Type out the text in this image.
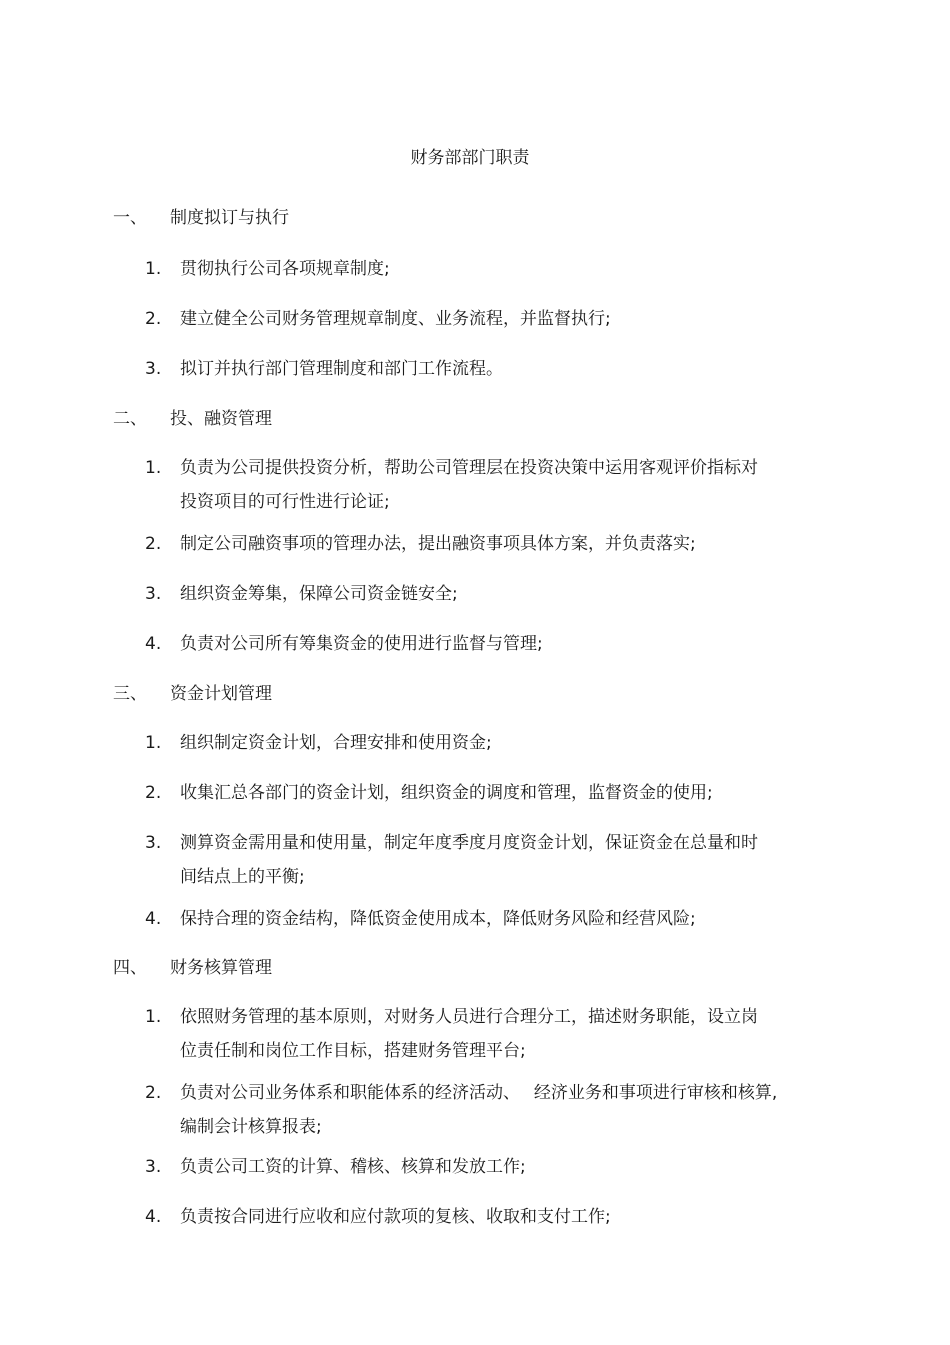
财务部部门职责
一、 制度拟订与执行
1.	贯彻执行公司各项规章制度;
2.	建立健全公司财务管理规章制度、业务流程，并监督执行;
3.	拟订并执行部门管理制度和部门工作流程。
二、 投、融资管理
1.	负责为公司提供投资分析，帮助公司管理层在投资决策中运用客观评价指标对
投资项目的可行性进行论证;
2.	制定公司融资事项的管理办法，提出融资事项具体方案，并负责落实;
3.	组织资金筹集，保障公司资金链安全;
4.	负责对公司所有筹集资金的使用进行监督与管理;
三、 资金计划管理
1.	组织制定资金计划，合理安排和使用资金;
2.	收集汇总各部门的资金计划，组织资金的调度和管理，监督资金的使用;
3.	测算资金需用量和使用量，制定年度季度月度资金计划，保证资金在总量和时
间结点上的平衡;
4.	保持合理的资金结构，降低资金使用成本，降低财务风险和经营风险;
四、 财务核算管理
1.	依照财务管理的基本原则，对财务人员进行合理分工，描述财务职能，设立岗
位责任制和岗位工作目标，搭建财务管理平台;
2.	负责对公司业务体系和职能体系的经济活动、　 经济业务和事项进行审核和核算,
编制会计核算报表;
3.	负责公司工资的计算、稽核、核算和发放工作;
4.	负责按合同进行应收和应付款项的复核、收取和支付工作;
